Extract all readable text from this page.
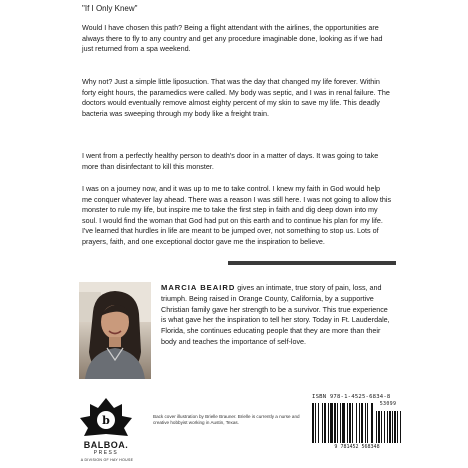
"If I Only Knew"

Would I have chosen this path? Being a flight attendant with the airlines, the opportunities are always there to fly to any country and get any procedure imaginable done, looking as if we had just returned from a spa weekend.

Why not? Just a simple little liposuction. That was the day that changed my life forever. Within forty eight hours, the paramedics were called. My body was septic, and I was in renal failure. The doctors would eventually remove almost eighty percent of my skin to save my life. This deadly bacteria was sweeping through my body like a freight train.

I went from a perfectly healthy person to death's door in a matter of days. It was going to take more than disinfectant to kill this monster.

I was on a journey now, and it was up to me to take control. I knew my faith in God would help me conquer whatever lay ahead. There was a reason I was still here. I was not going to allow this monster to rule my life, but inspire me to take the first step in faith and dig deep down into my soul. I would find the woman that God had put on this earth and to continue his plan for my life. I've learned that hurdles in life are meant to be jumped over, not something to stop us. Lots of prayers, faith, and one exceptional doctor gave me the inspiration to believe.

MARCIA BEAIRD gives an intimate, true story of pain, loss, and triumph. Being raised in Orange County, California, by a supportive Christian family gave her strength to be a survivor. This true experience is what gave her the inspiration to tell her story. Today in Ft. Lauderdale, Florida, she continues educating people that they are more than their body and teaches the importance of self-love.

b
BALBOA.
PRESS
A DIVISION OF HAY HOUSE

Back cover illustration by Brielle Brauner. Brielle is currently a nurse and creative hobbyist working in Austin, Texas.

ISBN 978-1-4525-6834-8
53099
9 781452 568348
